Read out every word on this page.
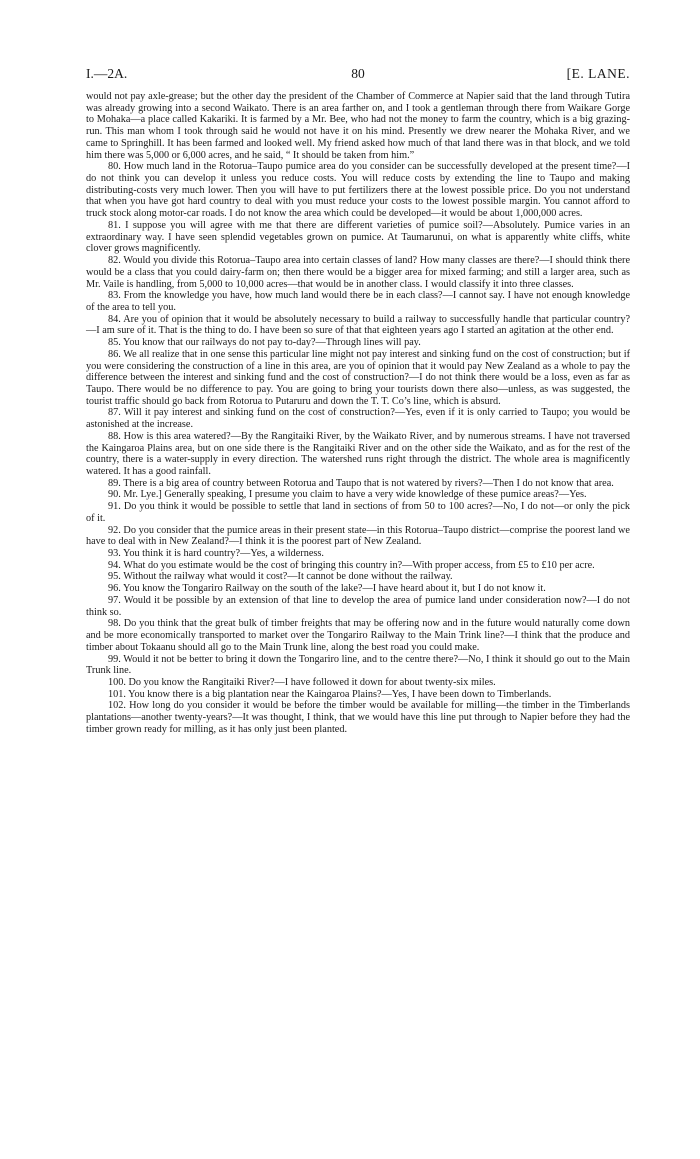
I.—2A.	80	[E. LANE.

would not pay axle-grease; but the other day the president of the Chamber of Commerce at Napier said that the land through Tutira was already growing into a second Waikato. There is an area farther on, and I took a gentleman through there from Waikare Gorge to Mohaka—a place called Kakariki. It is farmed by a Mr. Bee, who had not the money to farm the country, which is a big grazing-run. This man whom I took through said he would not have it on his mind. Presently we drew nearer the Mohaka River, and we came to Springhill. It has been farmed and looked well. My friend asked how much of that land there was in that block, and we told him there was 5,000 or 6,000 acres, and he said, “ It should be taken from him.”

80. How much land in the Rotorua–Taupo pumice area do you consider can be successfully developed at the present time?—I do not think you can develop it unless you reduce costs. You will reduce costs by extending the line to Taupo and making distributing-costs very much lower. Then you will have to put fertilizers there at the lowest possible price. Do you not understand that when you have got hard country to deal with you must reduce your costs to the lowest possible margin. You cannot afford to truck stock along motor-car roads. I do not know the area which could be developed—it would be about 1,000,000 acres.

81. I suppose you will agree with me that there are different varieties of pumice soil?—Absolutely. Pumice varies in an extraordinary way. I have seen splendid vegetables grown on pumice. At Taumarunui, on what is apparently white cliffs, white clover grows magnificently.

82. Would you divide this Rotorua–Taupo area into certain classes of land? How many classes are there?—I should think there would be a class that you could dairy-farm on; then there would be a bigger area for mixed farming; and still a larger area, such as Mr. Vaile is handling, from 5,000 to 10,000 acres—that would be in another class. I would classify it into three classes.

83. From the knowledge you have, how much land would there be in each class?—I cannot say. I have not enough knowledge of the area to tell you.

84. Are you of opinion that it would be absolutely necessary to build a railway to successfully handle that particular country?—I am sure of it. That is the thing to do. I have been so sure of that that eighteen years ago I started an agitation at the other end.

85. You know that our railways do not pay to-day?—Through lines will pay.

86. We all realize that in one sense this particular line might not pay interest and sinking fund on the cost of construction; but if you were considering the construction of a line in this area, are you of opinion that it would pay New Zealand as a whole to pay the difference between the interest and sinking fund and the cost of construction?—I do not think there would be a loss, even as far as Taupo. There would be no difference to pay. You are going to bring your tourists down there also—unless, as was suggested, the tourist traffic should go back from Rotorua to Putaruru and down the T. T. Co’s line, which is absurd.

87. Will it pay interest and sinking fund on the cost of construction?—Yes, even if it is only carried to Taupo; you would be astonished at the increase.

88. How is this area watered?—By the Rangitaiki River, by the Waikato River, and by numerous streams. I have not traversed the Kaingaroa Plains area, but on one side there is the Rangitaiki River and on the other side the Waikato, and as for the rest of the country, there is a water-supply in every direction. The watershed runs right through the district. The whole area is magnificently watered. It has a good rainfall.

89. There is a big area of country between Rotorua and Taupo that is not watered by rivers?—Then I do not know that area.

90. Mr. Lye.] Generally speaking, I presume you claim to have a very wide knowledge of these pumice areas?—Yes.

91. Do you think it would be possible to settle that land in sections of from 50 to 100 acres?—No, I do not—or only the pick of it.

92. Do you consider that the pumice areas in their present state—in this Rotorua–Taupo district—comprise the poorest land we have to deal with in New Zealand?—I think it is the poorest part of New Zealand.

93. You think it is hard country?—Yes, a wilderness.

94. What do you estimate would be the cost of bringing this country in?—With proper access, from £5 to £10 per acre.

95. Without the railway what would it cost?—It cannot be done without the railway.

96. You know the Tongariro Railway on the south of the lake?—I have heard about it, but I do not know it.

97. Would it be possible by an extension of that line to develop the area of pumice land under consideration now?—I do not think so.

98. Do you think that the great bulk of timber freights that may be offering now and in the future would naturally come down and be more economically transported to market over the Tongariro Railway to the Main Trink line?—I think that the produce and timber about Tokaanu should all go to the Main Trunk line, along the best road you could make.

99. Would it not be better to bring it down the Tongariro line, and to the centre there?—No, I think it should go out to the Main Trunk line.

100. Do you know the Rangitaiki River?—I have followed it down for about twenty-six miles.

101. You know there is a big plantation near the Kaingaroa Plains?—Yes, I have been down to Timberlands.

102. How long do you consider it would be before the timber would be available for milling—the timber in the Timberlands plantations—another twenty-years?—It was thought, I think, that we would have this line put through to Napier before they had the timber grown ready for milling, as it has only just been planted.
